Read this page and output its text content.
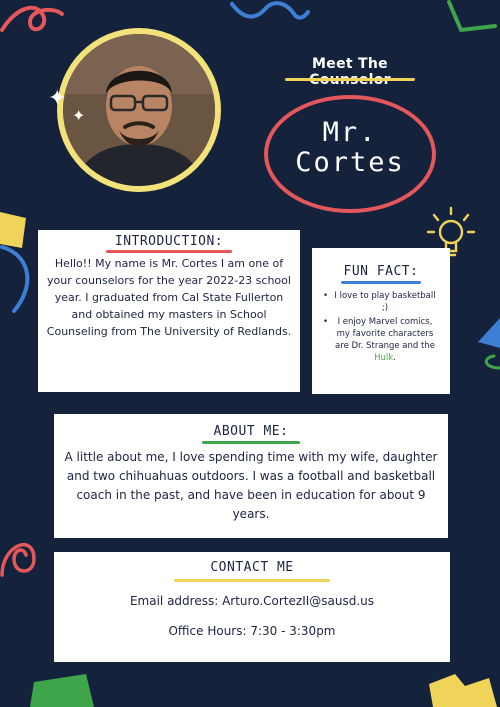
✦
✦
Meet The
Mr.
Cortes
INTRODUCTION:
Hello!! My name is Mr. Cortes I am one of your counselors for the year 2022-23 school year. I graduated from Cal State Fullerton and obtained my masters in School Counseling from The University of Redlands.
FUN FACT:
• I love to play basketball ;)
• I enjoy Marvel comics, my favorite characters are Dr. Strange and the Hulk.
ABOUT ME:
A little about me, I love spending time with my wife, daughter and two chihuahuas outdoors. I was a football and basketball coach in the past, and have been in education for about 9 years.
CONTACT ME
Email address: Arturo.CortezII@sausd.us
Office Hours: 7:30 - 3:30pm
